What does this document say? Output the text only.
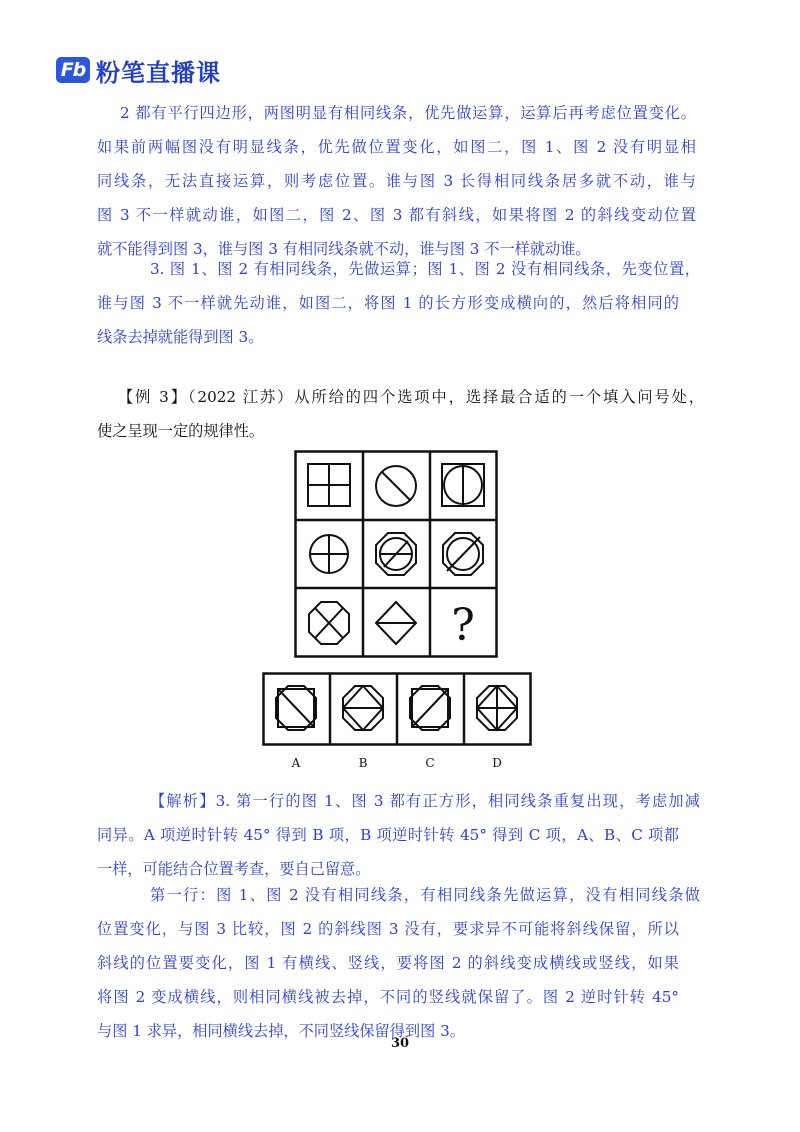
Fb 粉笔直播课

2 都有平行四边形，两图明显有相同线条，优先做运算，运算后再考虑位置变化。
如果前两幅图没有明显线条，优先做位置变化，如图二，图 1、图 2 没有明显相
同线条，无法直接运算，则考虑位置。谁与图 3 长得相同线条居多就不动，谁与
图 3 不一样就动谁，如图二，图 2、图 3 都有斜线，如果将图 2 的斜线变动位置
就不能得到图 3，谁与图 3 有相同线条就不动，谁与图 3 不一样就动谁。

3. 图 1、图 2 有相同线条，先做运算；图 1、图 2 没有相同线条，先变位置，
谁与图 3 不一样就先动谁，如图二，将图 1 的长方形变成横向的，然后将相同的
线条去掉就能得到图 3。

【例 3】（2022 江苏）从所给的四个选项中，选择最合适的一个填入问号处，
使之呈现一定的规律性。

?
A	B	C	D

【解析】3. 第一行的图 1、图 3 都有正方形，相同线条重复出现，考虑加减
同异。A 项逆时针转 45° 得到 B 项，B 项逆时针转 45° 得到 C 项，A、B、C 项都
一样，可能结合位置考查，要自己留意。

第一行：图 1、图 2 没有相同线条，有相同线条先做运算，没有相同线条做
位置变化，与图 3 比较，图 2 的斜线图 3 没有，要求异不可能将斜线保留，所以
斜线的位置要变化，图 1 有横线、竖线，要将图 2 的斜线变成横线或竖线，如果
将图 2 变成横线，则相同横线被去掉，不同的竖线就保留了。图 2 逆时针转 45°
与图 1 求异，相同横线去掉，不同竖线保留得到图 3。

30
